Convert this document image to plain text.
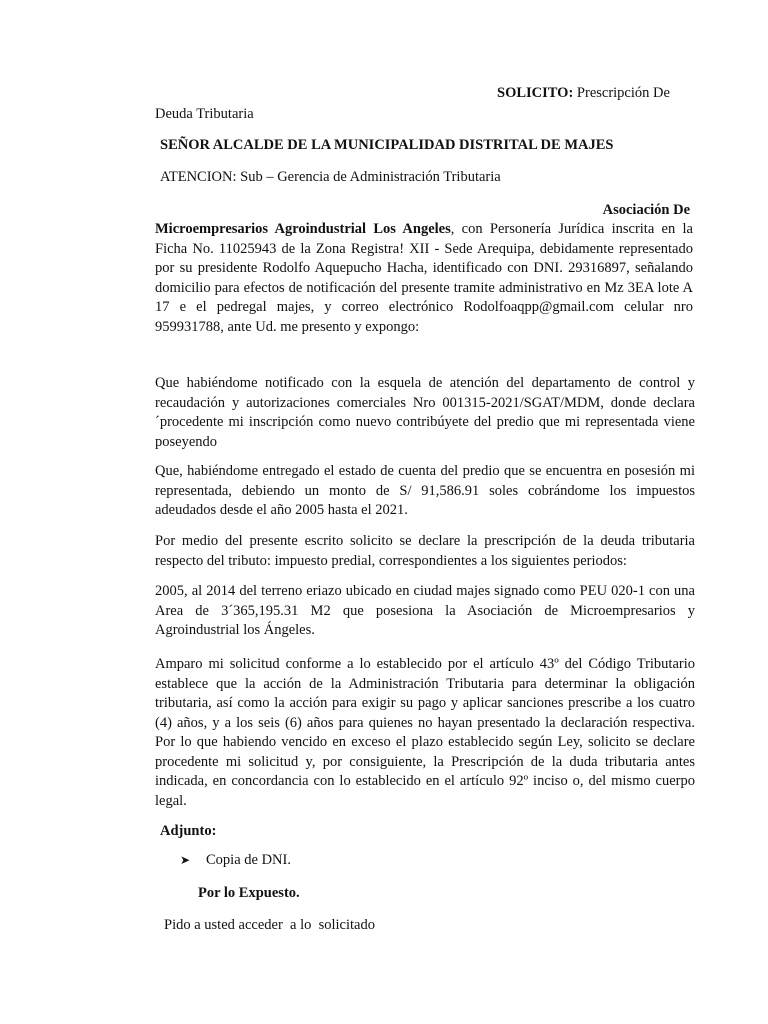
SOLICITO: Prescripción De
Deuda Tributaria
SEÑOR ALCALDE DE LA MUNICIPALIDAD DISTRITAL DE MAJES
ATENCION: Sub – Gerencia de Administración Tributaria
Asociación De
Microempresarios Agroindustrial Los Angeles, con Personería Jurídica inscrita en la Ficha No. 11025943 de la Zona Registra! XII - Sede Arequipa, debidamente representado por su presidente Rodolfo Aquepucho Hacha, identificado con DNI. 29316897, señalando domicilio para efectos de notificación del presente tramite administrativo en Mz 3EA lote A 17 e el pedregal majes, y correo electrónico Rodolfoaqpp@gmail.com celular nro 959931788, ante Ud. me presento y expongo:
Que habiéndome notificado con la esquela de atención del departamento de control y recaudación y autorizaciones comerciales Nro 001315-2021/SGAT/MDM, donde declara ´procedente mi inscripción como nuevo contribúyete del predio que mi representada viene poseyendo
Que, habiéndome entregado el estado de cuenta del predio que se encuentra en posesión mi representada, debiendo un monto de S/ 91,586.91 soles cobrándome los impuestos adeudados desde el año 2005 hasta el 2021.
Por medio del presente escrito solicito se declare la prescripción de la deuda tributaria respecto del tributo: impuesto predial, correspondientes a los siguientes periodos:
2005, al 2014 del terreno eriazo ubicado en ciudad majes signado como PEU 020-1 con una Area de 3´365,195.31 M2 que posesiona la Asociación de Microempresarios y Agroindustrial los Ángeles.
Amparo mi solicitud conforme a lo establecido por el artículo 43º del Código Tributario establece que la acción de la Administración Tributaria para determinar la obligación tributaria, así como la acción para exigir su pago y aplicar sanciones prescribe a los cuatro (4) años, y a los seis (6) años para quienes no hayan presentado la declaración respectiva. Por lo que habiendo vencido en exceso el plazo establecido según Ley, solicito se declare procedente mi solicitud y, por consiguiente, la Prescripción de la duda tributaria antes indicada, en concordancia con lo establecido en el artículo 92º inciso o, del mismo cuerpo legal.
Adjunto:
➤ Copia de DNI.
Por lo Expuesto.
Pido a usted acceder  a lo  solicitado
